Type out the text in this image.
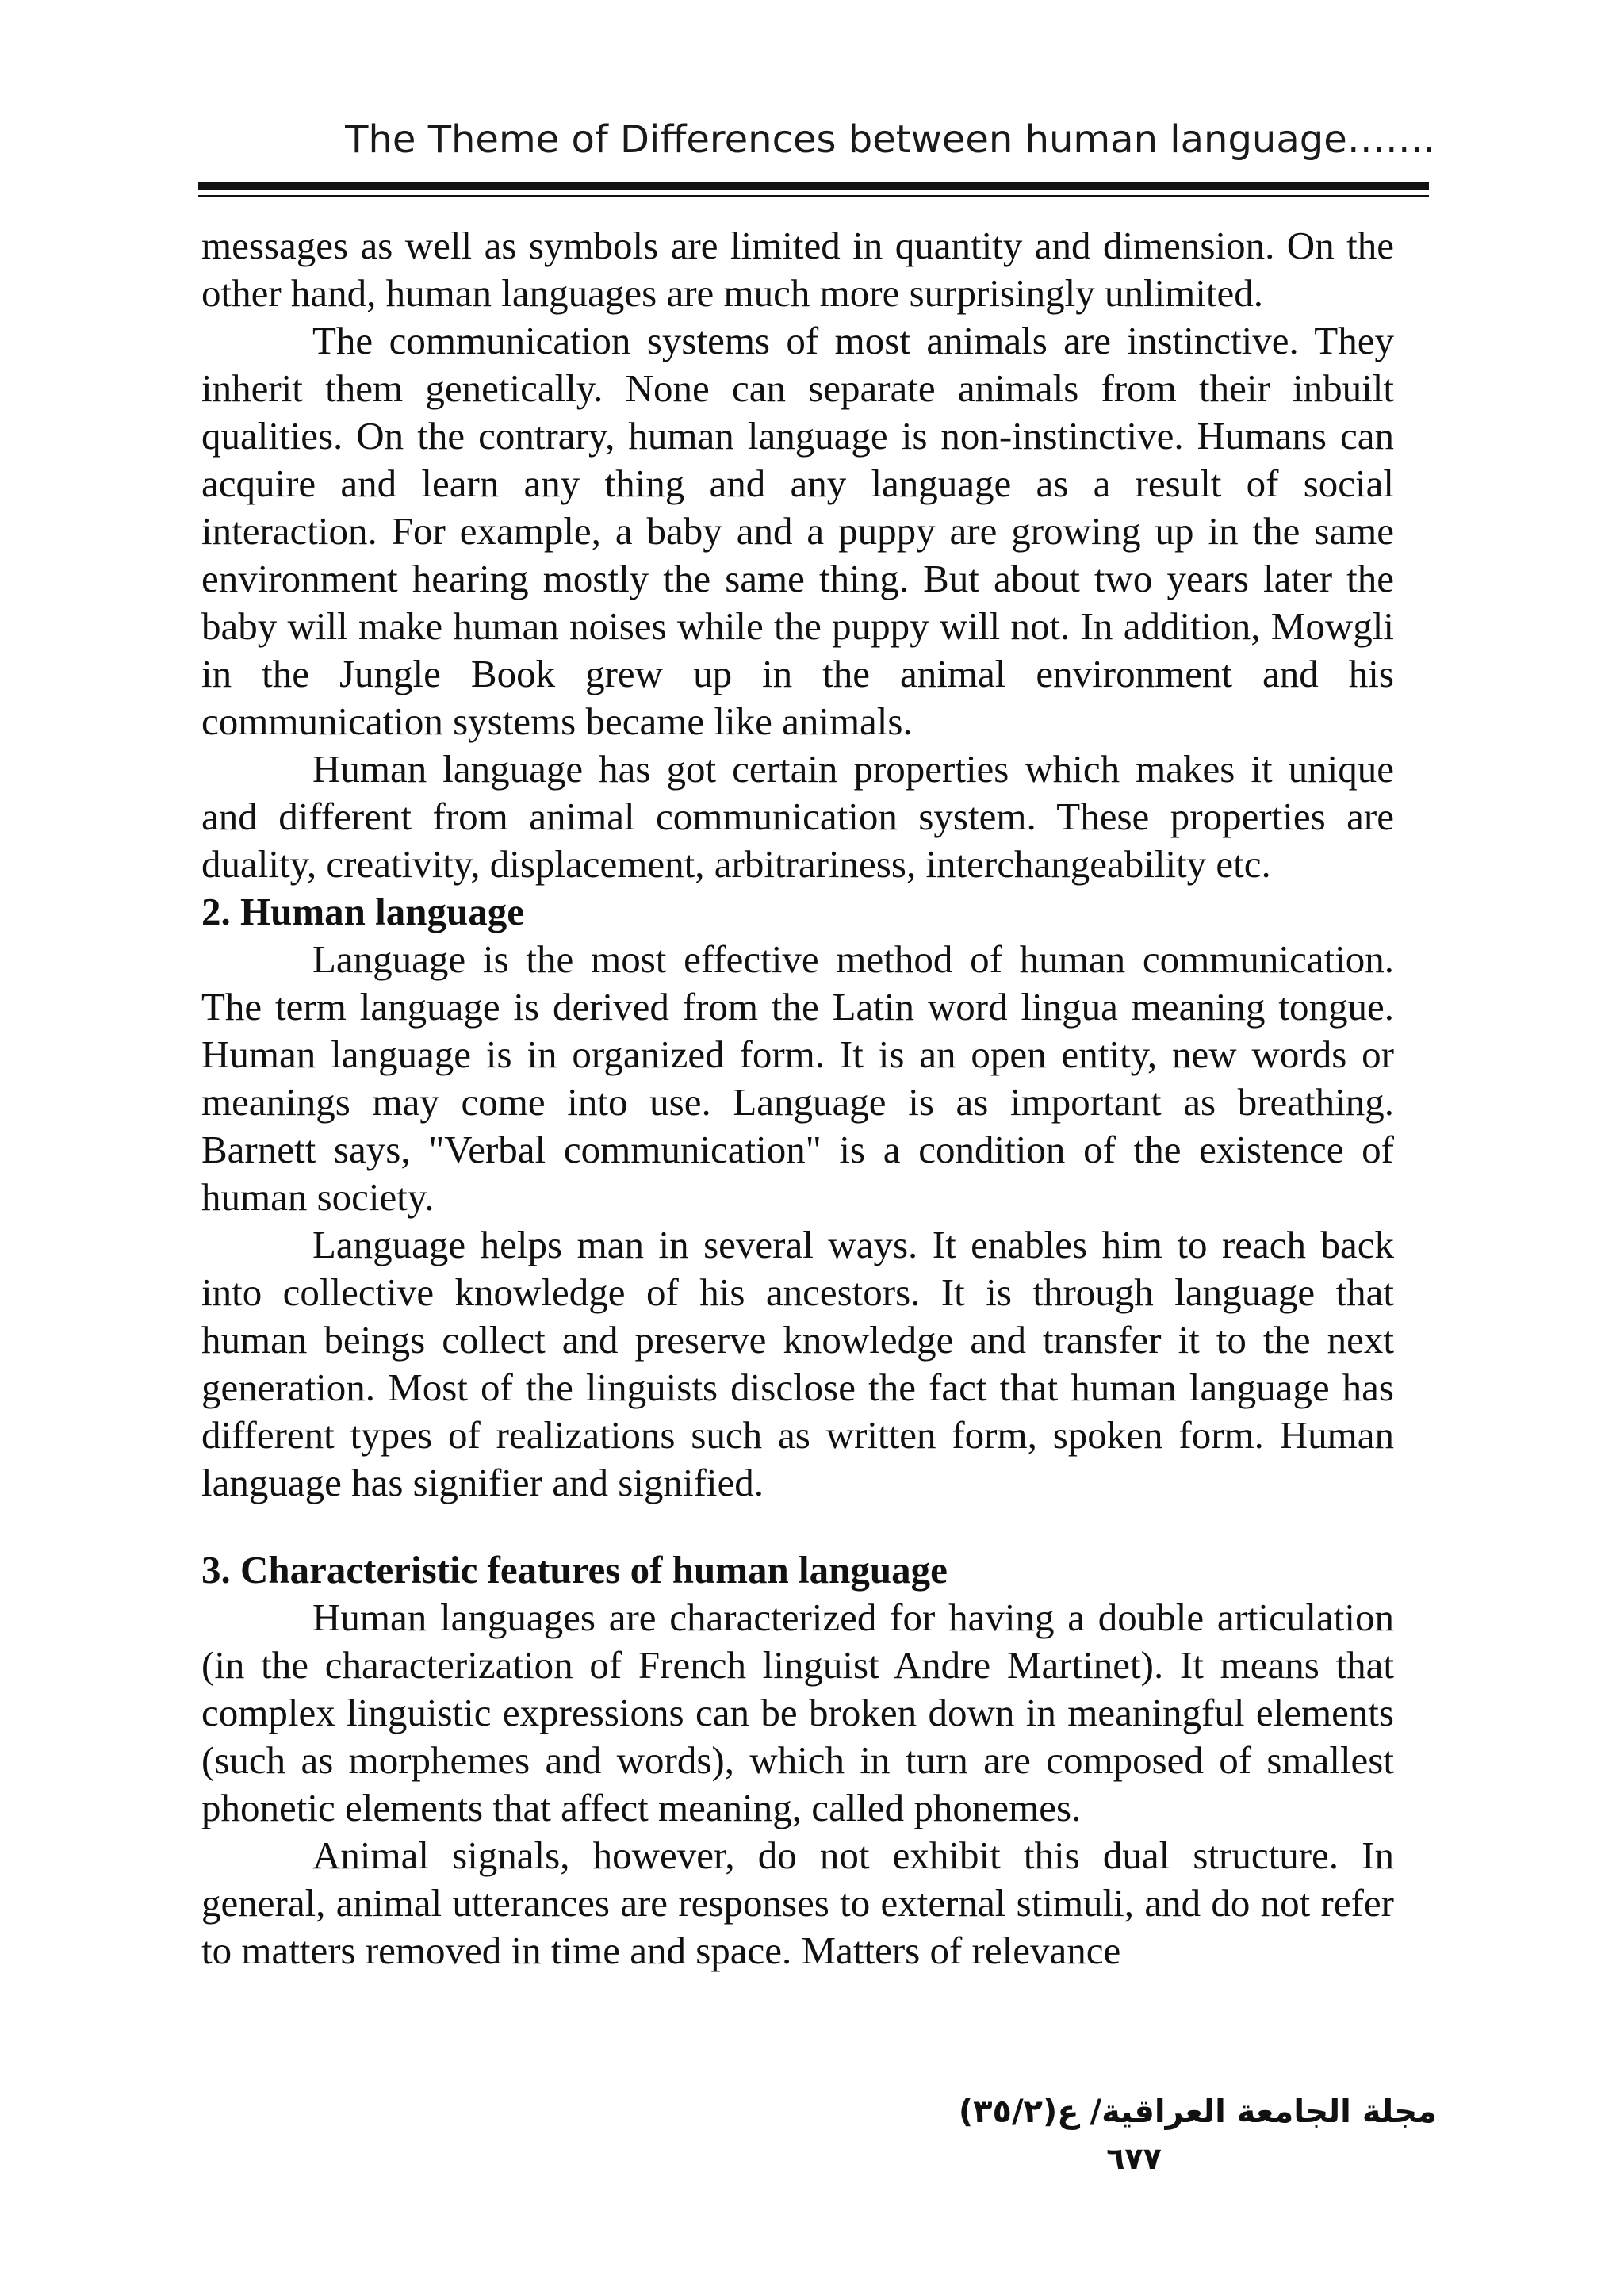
The Theme of Differences between human language…….

messages as well as symbols are limited in quantity and dimension. On the other hand, human languages are much more surprisingly unlimited.

The communication systems of most animals are instinctive. They inherit them genetically. None can separate animals from their inbuilt qualities. On the contrary, human language is non-instinctive. Humans can acquire and learn any thing and any language as a result of social interaction. For example, a baby and a puppy are growing up in the same environment hearing mostly the same thing. But about two years later the baby will make human noises while the puppy will not. In addition, Mowgli in the Jungle Book grew up in the animal environment and his communication systems became like animals.

Human language has got certain properties which makes it unique and different from animal communication system. These properties are duality, creativity, displacement, arbitrariness, interchangeability etc.

2. Human language

Language is the most effective method of human communication. The term language is derived from the Latin word lingua meaning tongue. Human language is in organized form. It is an open entity, new words or meanings may come into use. Language is as important as breathing. Barnett says, "Verbal communication" is a condition of the existence of human society.

Language helps man in several ways. It enables him to reach back into collective knowledge of his ancestors. It is through language that human beings collect and preserve knowledge and transfer it to the next generation. Most of the linguists disclose the fact that human language has different types of realizations such as written form, spoken form. Human language has signifier and signified.

3. Characteristic features of human language

Human languages are characterized for having a double articulation (in the characterization of French linguist Andre Martinet). It means that complex linguistic expressions can be broken down in meaningful elements (such as morphemes and words), which in turn are composed of smallest phonetic elements that affect meaning, called phonemes.

Animal signals, however, do not exhibit this dual structure. In general, animal utterances are responses to external stimuli, and do not refer to matters removed in time and space. Matters of relevance

مجلة الجامعة العراقية/ ع(٣٥/٢)
٦٧٧
